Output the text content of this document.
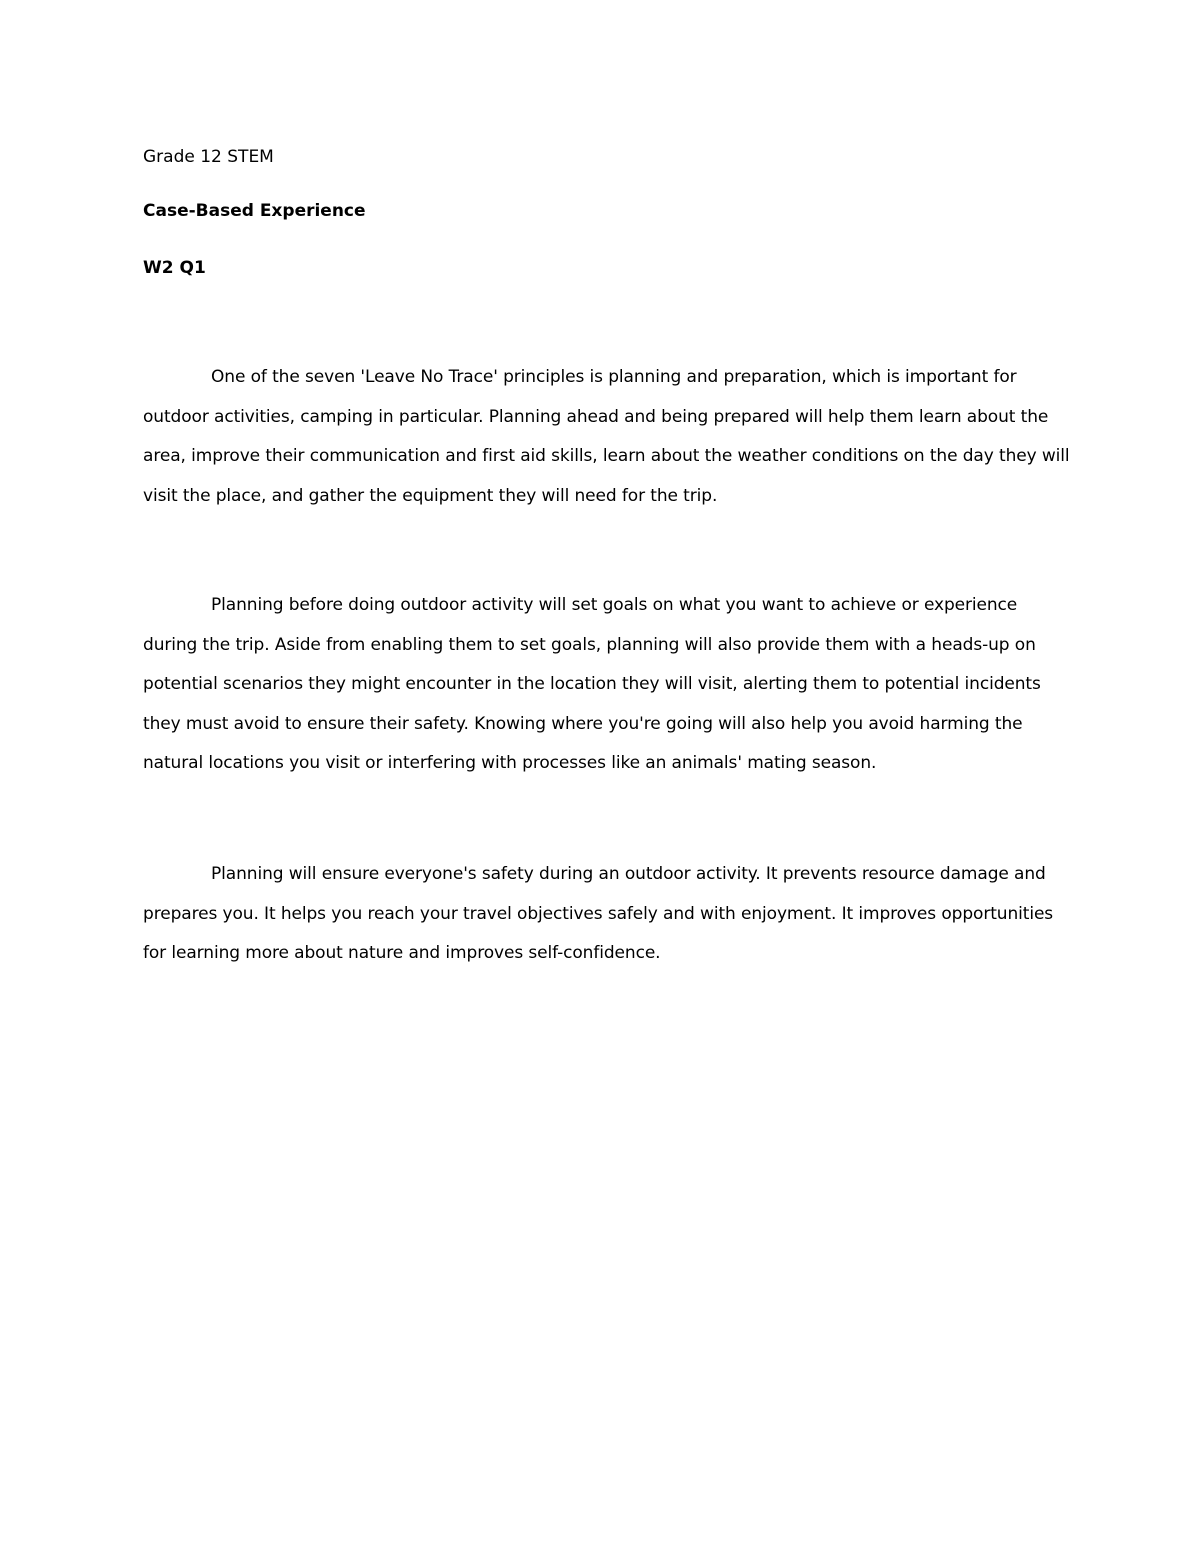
Grade 12 STEM
Case-Based Experience
W2 Q1

One of the seven 'Leave No Trace' principles is planning and preparation, which is important for outdoor activities, camping in particular. Planning ahead and being prepared will help them learn about the area, improve their communication and first aid skills, learn about the weather conditions on the day they will visit the place, and gather the equipment they will need for the trip.

Planning before doing outdoor activity will set goals on what you want to achieve or experience during the trip. Aside from enabling them to set goals, planning will also provide them with a heads-up on potential scenarios they might encounter in the location they will visit, alerting them to potential incidents they must avoid to ensure their safety. Knowing where you're going will also help you avoid harming the natural locations you visit or interfering with processes like an animals' mating season.

Planning will ensure everyone's safety during an outdoor activity. It prevents resource damage and prepares you. It helps you reach your travel objectives safely and with enjoyment. It improves opportunities for learning more about nature and improves self-confidence.
